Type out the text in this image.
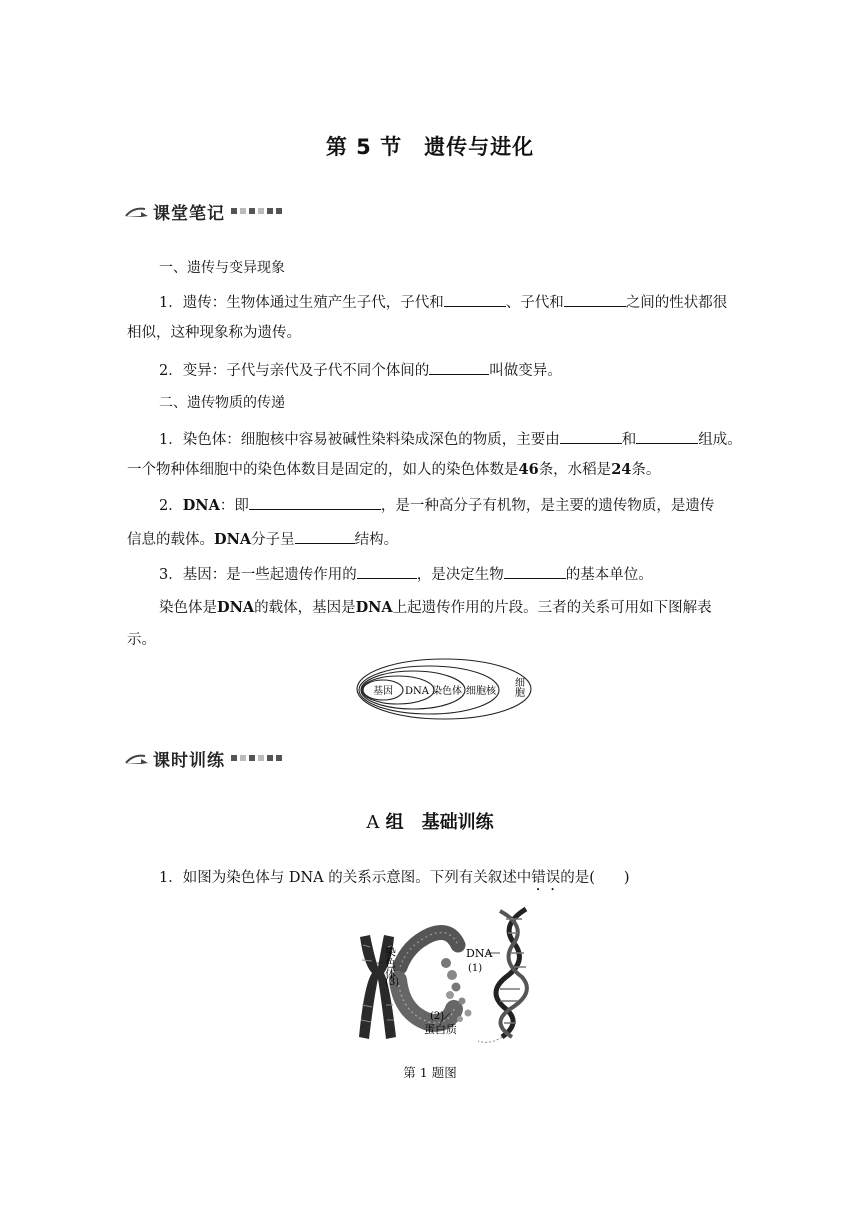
第 5 节　遗传与进化
课堂笔记
一、遗传与变异现象
1．遗传：生物体通过生殖产生子代，子代和	、子代和	之间的性状都很
相似，这种现象称为遗传。
2．变异：子代与亲代及子代不同个体间的	叫做变异。
二、遗传物质的传递
1．染色体：细胞核中容易被碱性染料染成深色的物质，主要由	和	组成。
一个物种体细胞中的染色体数目是固定的，如人的染色体数是46条，水稻是24条。
2．DNA：即	，是一种高分子有机物，是主要的遗传物质，是遗传
信息的载体。DNA分子呈	结构。
3．基因：是一些起遗传作用的	，是决定生物	的基本单位。
染色体是DNA的载体，基因是DNA上起遗传作用的片段。三者的关系可用如下图解表
示。
基因 DNA 染色体 细胞核 细胞
课时训练
A 组　基础训练
1．如图为染色体与 DNA 的关系示意图。下列有关叙述中错误的是(　　)
染色体
(3)
DNA
(1)
(2)
蛋白质
第 1 题图
